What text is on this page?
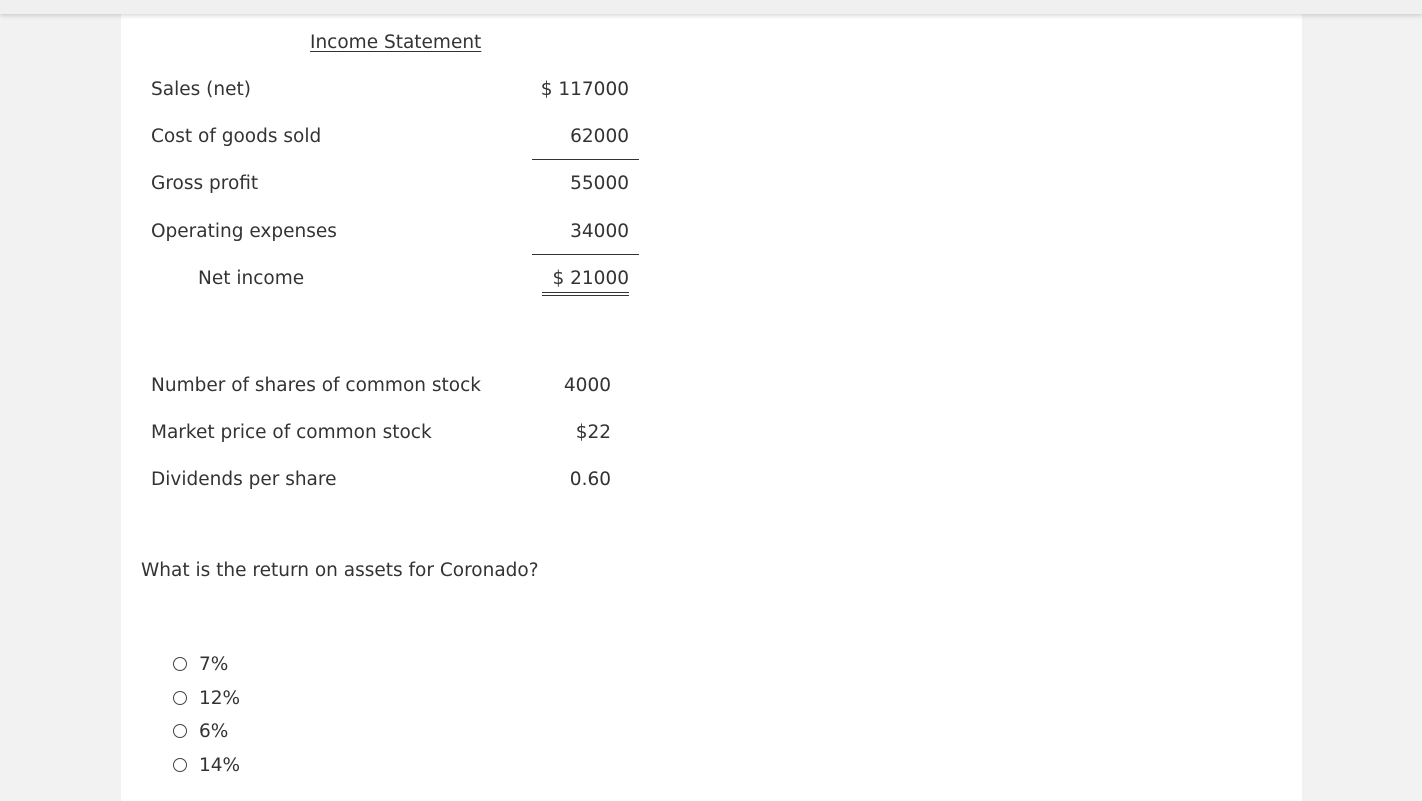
Income Statement
Sales (net)	$ 117000
Cost of goods sold	62000
Gross profit	55000
Operating expenses	34000
Net income	$ 21000
Number of shares of common stock	4000
Market price of common stock	$22
Dividends per share	0.60
What is the return on assets for Coronado?
7%
12%
6%
14%
